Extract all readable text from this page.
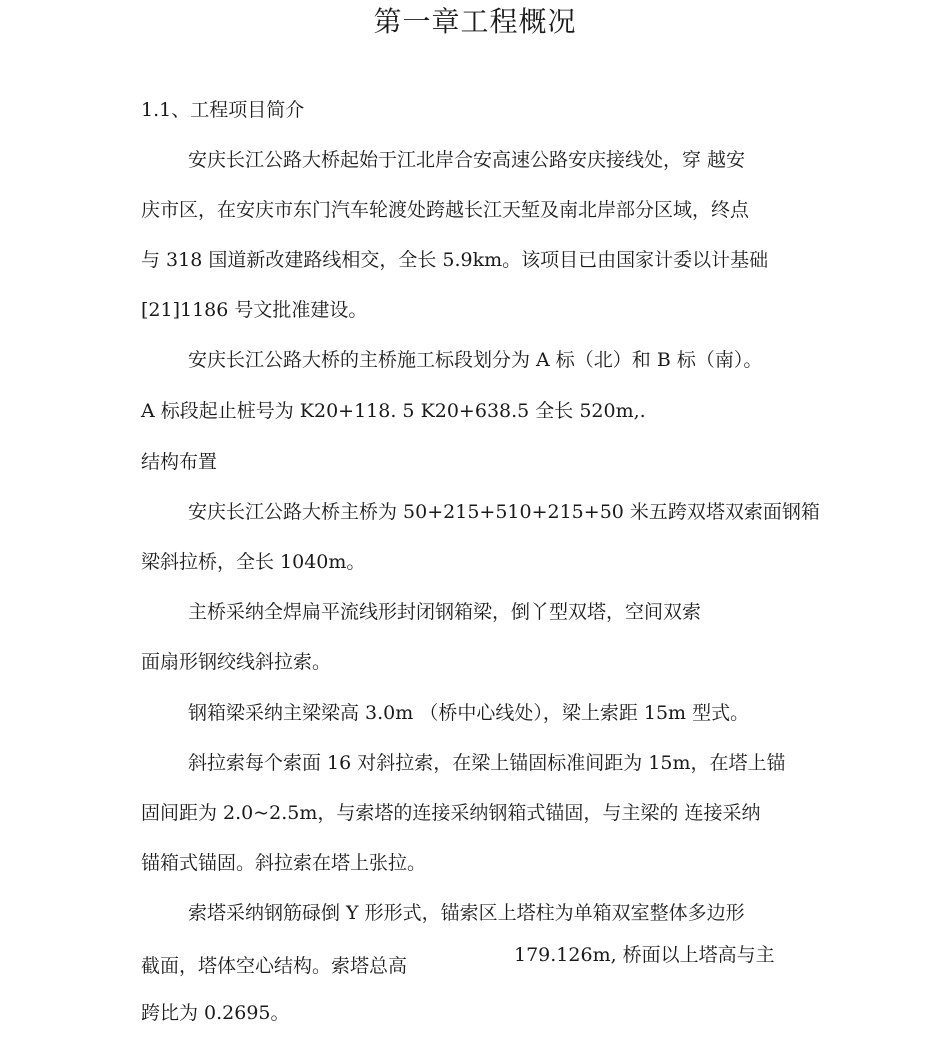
第一章工程概况
1.1、工程项目简介
安庆长江公路大桥起始于江北岸合安高速公路安庆接线处，穿 越安
庆市区，在安庆市东门汽车轮渡处跨越长江天堑及南北岸部分区域，终点
与 318 国道新改建路线相交，全长 5.9km。该项目已由国家计委以计基础
[21]1186 号文批准建设。
安庆长江公路大桥的主桥施工标段划分为 A 标（北）和 B 标（南）。
A 标段起止桩号为 K20+118. 5 K20+638.5 全长 520m,.
结构布置
安庆长江公路大桥主桥为 50+215+510+215+50 米五跨双塔双索面钢箱
梁斜拉桥，全长 1040m。
主桥采纳全焊扁平流线形封闭钢箱梁，倒丫型双塔，空间双索
面扇形钢绞线斜拉索。
钢箱梁采纳主梁梁高 3.0m （桥中心线处），梁上索距 15m 型式。
斜拉索每个索面 16 对斜拉索，在梁上锚固标准间距为 15m，在塔上锚
固间距为 2.0~2.5m，与索塔的连接采纳钢箱式锚固，与主梁的 连接采纳
锚箱式锚固。斜拉索在塔上张拉。
索塔采纳钢筋碌倒 Y 形形式，锚索区上塔柱为单箱双室整体多边形
截面，塔体空心结构。索塔总高	179.126m, 桥面以上塔高与主
跨比为 0.2695。
